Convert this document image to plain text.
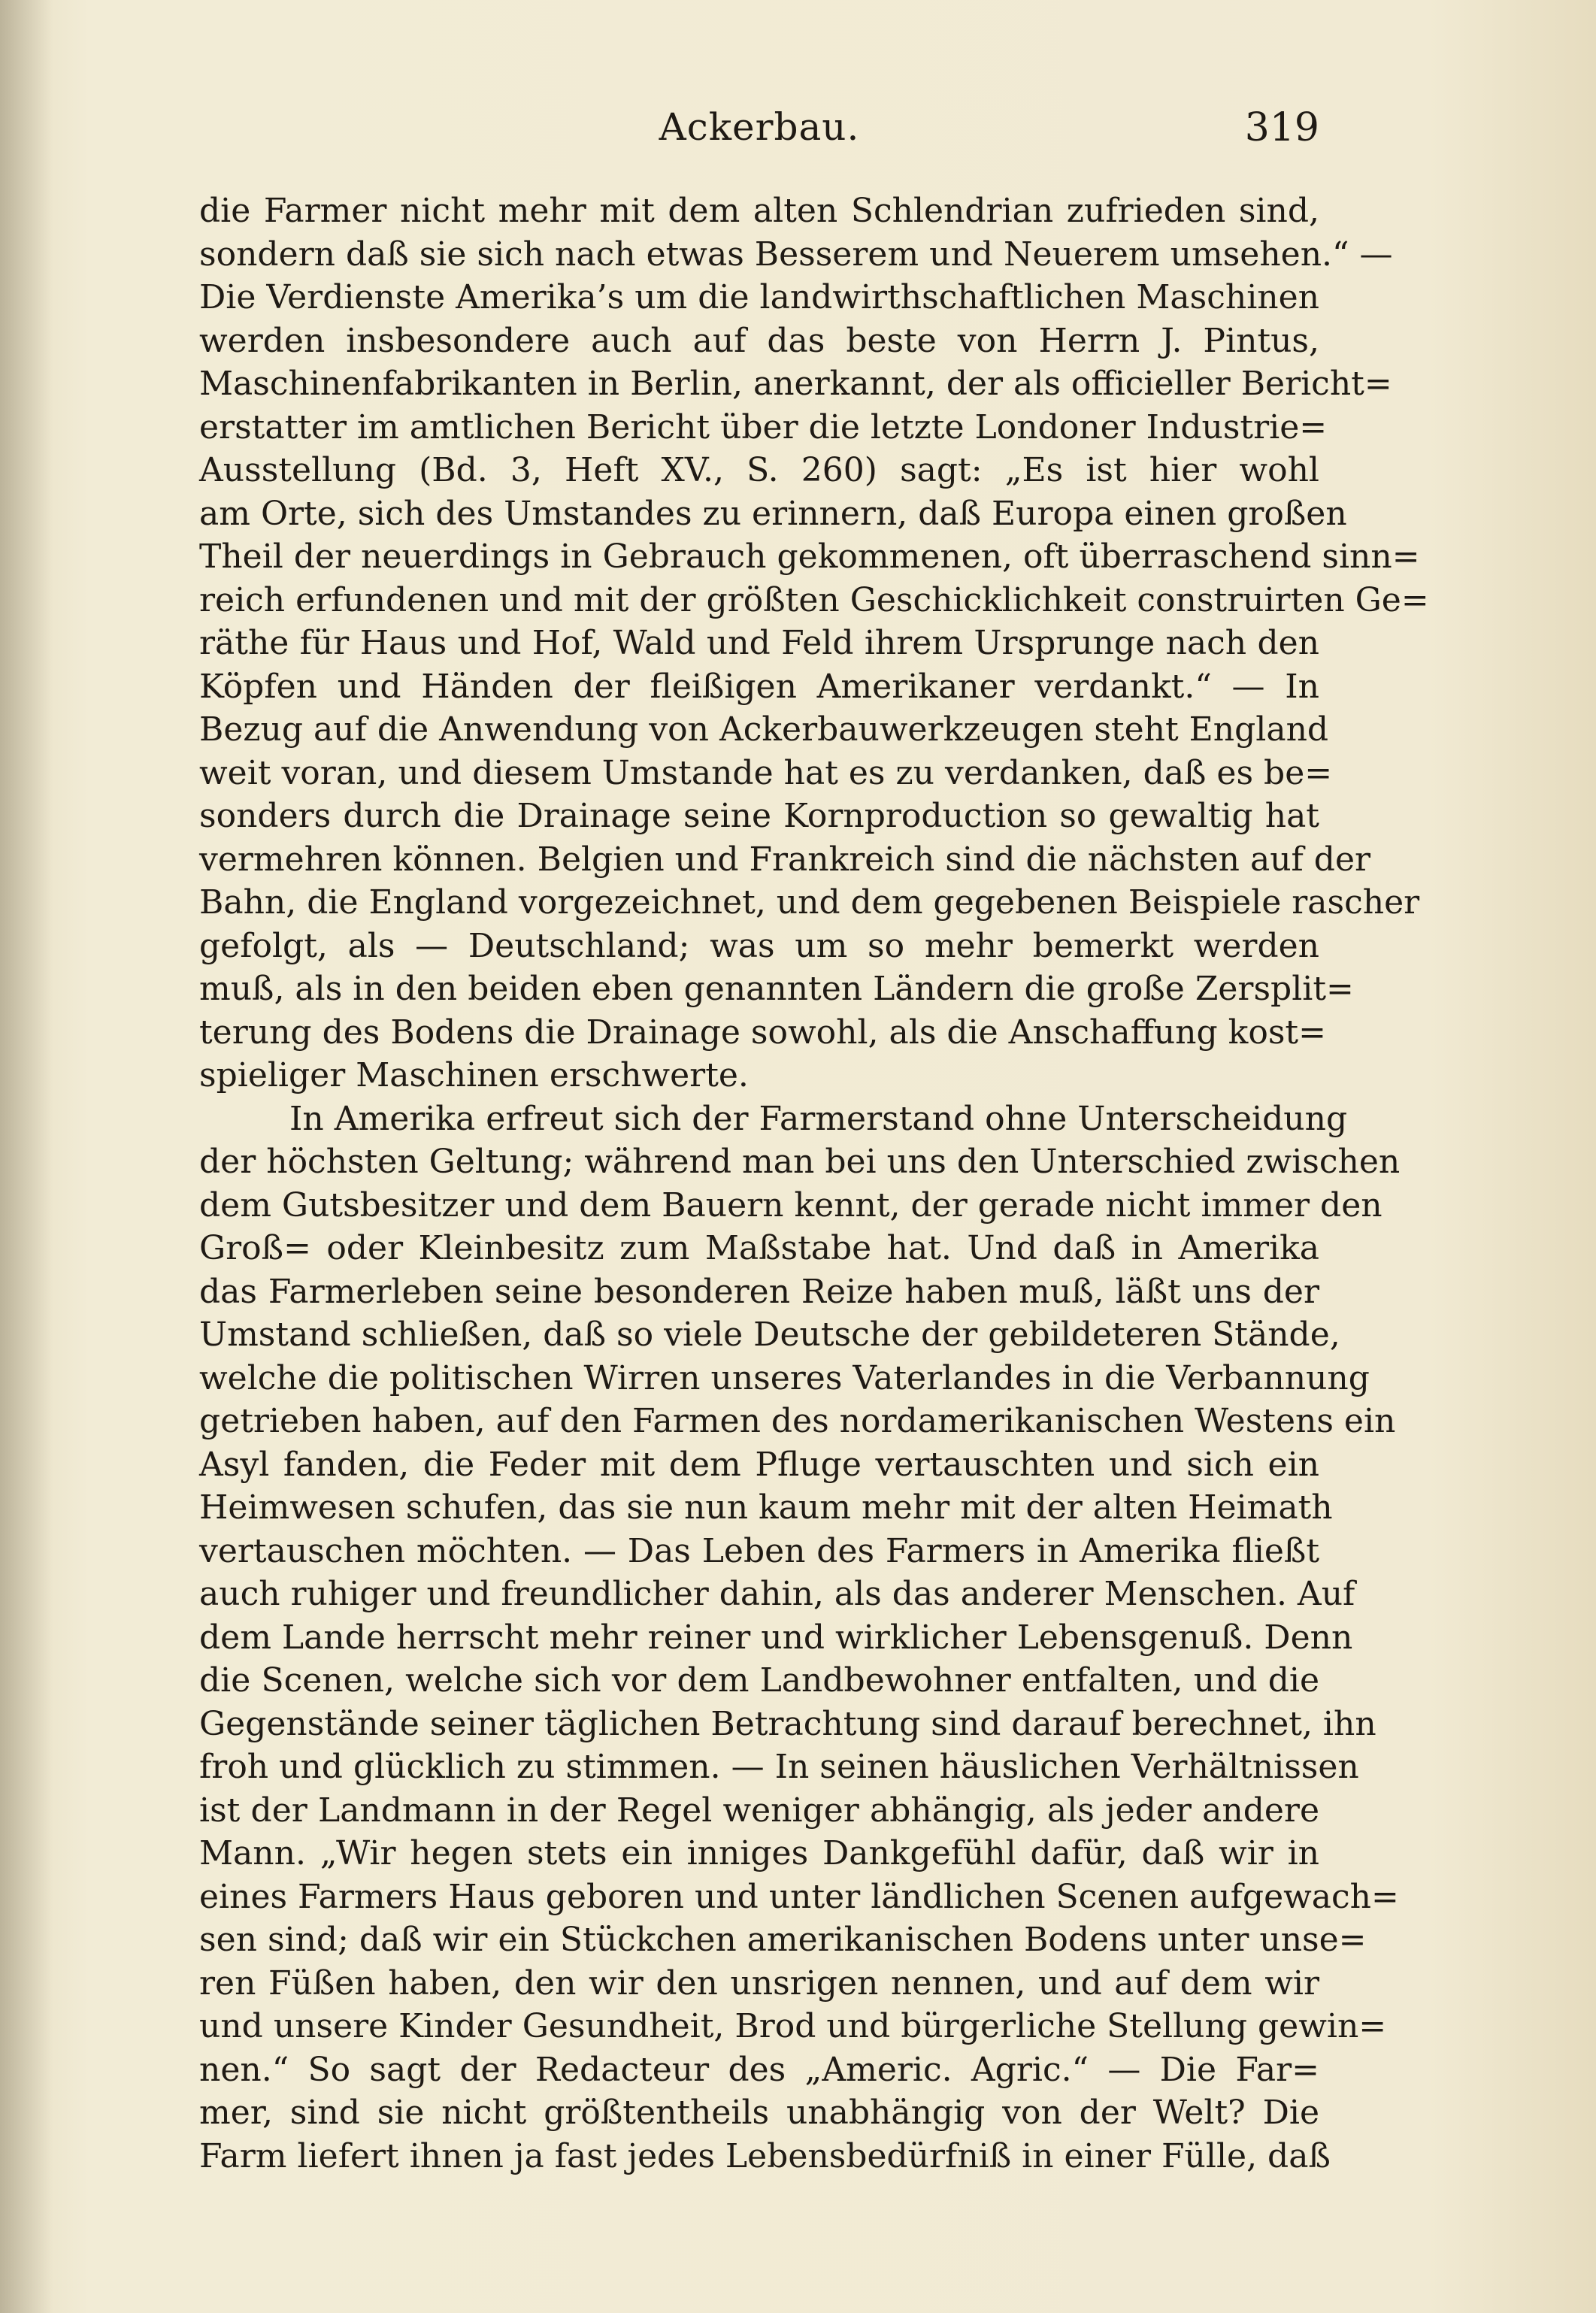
Ackerbau.	319
die Farmer nicht mehr mit dem alten Schlendrian zufrieden sind,
sondern daß sie sich nach etwas Besserem und Neuerem umsehen.“ —
Die Verdienste Amerika’s um die landwirthschaftlichen Maschinen
werden insbesondere auch auf das beste von Herrn J. Pintus,
Maschinenfabrikanten in Berlin, anerkannt, der als officieller Bericht=
erstatter im amtlichen Bericht über die letzte Londoner Industrie=
Ausstellung (Bd. 3, Heft XV., S. 260) sagt: „Es ist hier wohl
am Orte, sich des Umstandes zu erinnern, daß Europa einen großen
Theil der neuerdings in Gebrauch gekommenen, oft überraschend sinn=
reich erfundenen und mit der größten Geschicklichkeit construirten Ge=
räthe für Haus und Hof, Wald und Feld ihrem Ursprunge nach den
Köpfen und Händen der fleißigen Amerikaner verdankt.“ — In
Bezug auf die Anwendung von Ackerbauwerkzeugen steht England
weit voran, und diesem Umstande hat es zu verdanken, daß es be=
sonders durch die Drainage seine Kornproduction so gewaltig hat
vermehren können. Belgien und Frankreich sind die nächsten auf der
Bahn, die England vorgezeichnet, und dem gegebenen Beispiele rascher
gefolgt, als — Deutschland; was um so mehr bemerkt werden
muß, als in den beiden eben genannten Ländern die große Zersplit=
terung des Bodens die Drainage sowohl, als die Anschaffung kost=
spieliger Maschinen erschwerte.
In Amerika erfreut sich der Farmerstand ohne Unterscheidung
der höchsten Geltung; während man bei uns den Unterschied zwischen
dem Gutsbesitzer und dem Bauern kennt, der gerade nicht immer den
Groß= oder Kleinbesitz zum Maßstabe hat. Und daß in Amerika
das Farmerleben seine besonderen Reize haben muß, läßt uns der
Umstand schließen, daß so viele Deutsche der gebildeteren Stände,
welche die politischen Wirren unseres Vaterlandes in die Verbannung
getrieben haben, auf den Farmen des nordamerikanischen Westens ein
Asyl fanden, die Feder mit dem Pfluge vertauschten und sich ein
Heimwesen schufen, das sie nun kaum mehr mit der alten Heimath
vertauschen möchten. — Das Leben des Farmers in Amerika fließt
auch ruhiger und freundlicher dahin, als das anderer Menschen. Auf
dem Lande herrscht mehr reiner und wirklicher Lebensgenuß. Denn
die Scenen, welche sich vor dem Landbewohner entfalten, und die
Gegenstände seiner täglichen Betrachtung sind darauf berechnet, ihn
froh und glücklich zu stimmen. — In seinen häuslichen Verhältnissen
ist der Landmann in der Regel weniger abhängig, als jeder andere
Mann. „Wir hegen stets ein inniges Dankgefühl dafür, daß wir in
eines Farmers Haus geboren und unter ländlichen Scenen aufgewach=
sen sind; daß wir ein Stückchen amerikanischen Bodens unter unse=
ren Füßen haben, den wir den unsrigen nennen, und auf dem wir
und unsere Kinder Gesundheit, Brod und bürgerliche Stellung gewin=
nen.“ So sagt der Redacteur des „Americ. Agric.“ — Die Far=
mer, sind sie nicht größtentheils unabhängig von der Welt? Die
Farm liefert ihnen ja fast jedes Lebensbedürfniß in einer Fülle, daß
